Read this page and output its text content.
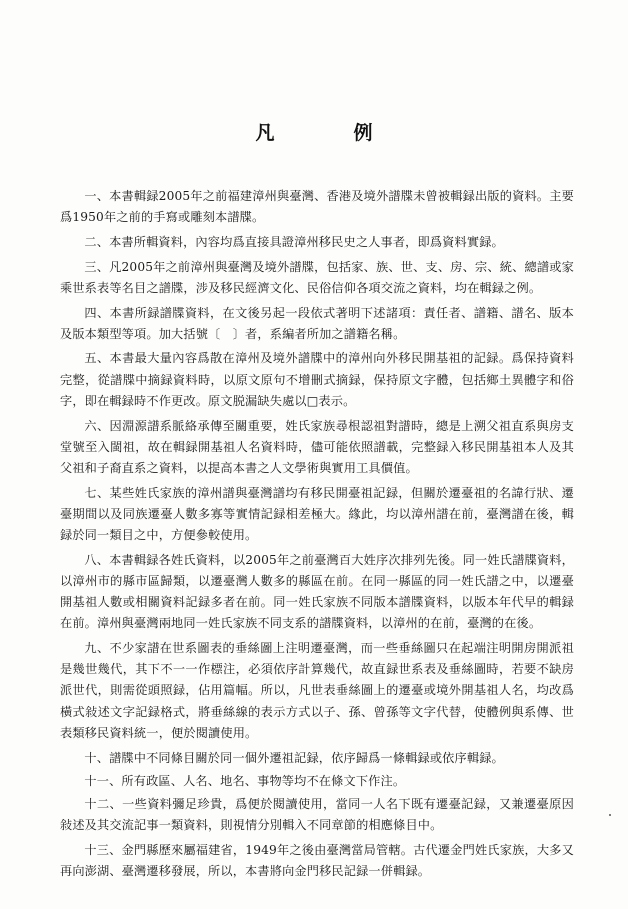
凡　例

一、本書輯録2005年之前福建漳州與臺灣、香港及境外譜牒未曾被輯録出版的資料。主要爲1950年之前的手寫或雕刻本譜牒。

二、本書所輯資料，內容均爲直接具證漳州移民史之人事者，即爲資料實録。

三、凡2005年之前漳州與臺灣及境外譜牒，包括家、族、世、支、房、宗、統、總譜或家乘世系表等名目之譜牒，涉及移民經濟文化、民俗信仰各項交流之資料，均在輯録之例。

四、本書所録譜牒資料，在文後另起一段依式著明下述諸項：責任者、譜籍、譜名、版本及版本類型等項。加大括號〔　〕者，系編者所加之譜籍名稱。

五、本書最大量內容爲散在漳州及境外譜牒中的漳州向外移民開基祖的記録。爲保持資料完整，從譜牒中摘録資料時，以原文原句不增刪式摘録，保持原文字體，包括鄉土異體字和俗字，即在輯録時不作更改。原文脱漏缺失處以□表示。

六、因淵源譜系脈絡承傳至關重要，姓氏家族尋根認祖對譜時，總是上溯父祖直系與房支堂號至入閩祖，故在輯録開基祖人名資料時，儘可能依照譜載，完整録入移民開基祖本人及其父祖和子裔直系之資料，以提高本書之人文學術與實用工具價值。

七、某些姓氏家族的漳州譜與臺灣譜均有移民開臺祖記録，但關於遷臺祖的名諱行狀、遷臺期間以及同族遷臺人數多寡等實情記録相差極大。緣此，均以漳州譜在前，臺灣譜在後，輯録於同一類目之中，方便參較使用。

八、本書輯録各姓氏資料，以2005年之前臺灣百大姓序次排列先後。同一姓氏譜牒資料，以漳州市的縣市區歸類，以遷臺灣人數多的縣區在前。在同一縣區的同一姓氏譜之中，以遷臺開基祖人數或相關資料記録多者在前。同一姓氏家族不同版本譜牒資料，以版本年代早的輯録在前。漳州與臺灣兩地同一姓氏家族不同支系的譜牒資料，以漳州的在前，臺灣的在後。

九、不少家譜在世系圖表的垂絲圖上注明遷臺灣，而一些垂絲圖只在起端注明開房開派祖是幾世幾代，其下不一一作標注，必須依序計算幾代，故直録世系表及垂絲圖時，若要不缺房派世代，則需從頭照録，佔用篇幅。所以，凡世表垂絲圖上的遷臺或境外開基祖人名，均改爲橫式敍述文字記録格式，將垂絲線的表示方式以子、孫、曾孫等文字代替，使體例與系傳、世表類移民資料統一，便於閱讀使用。

十、譜牒中不同條目關於同一個外遷祖記録，依序歸爲一條輯録或依序輯録。

十一、所有政區、人名、地名、事物等均不在條文下作注。

十二、一些資料彌足珍貴，爲便於閱讀使用，當同一人名下既有遷臺記録，又兼遷臺原因敍述及其交流記事一類資料，則視情分別輯入不同章節的相應條目中。

十三、金門縣歷來屬福建省，1949年之後由臺灣當局管轄。古代遷金門姓氏家族，大多又再向澎湖、臺灣遷移發展，所以，本書將向金門移民記録一併輯録。
